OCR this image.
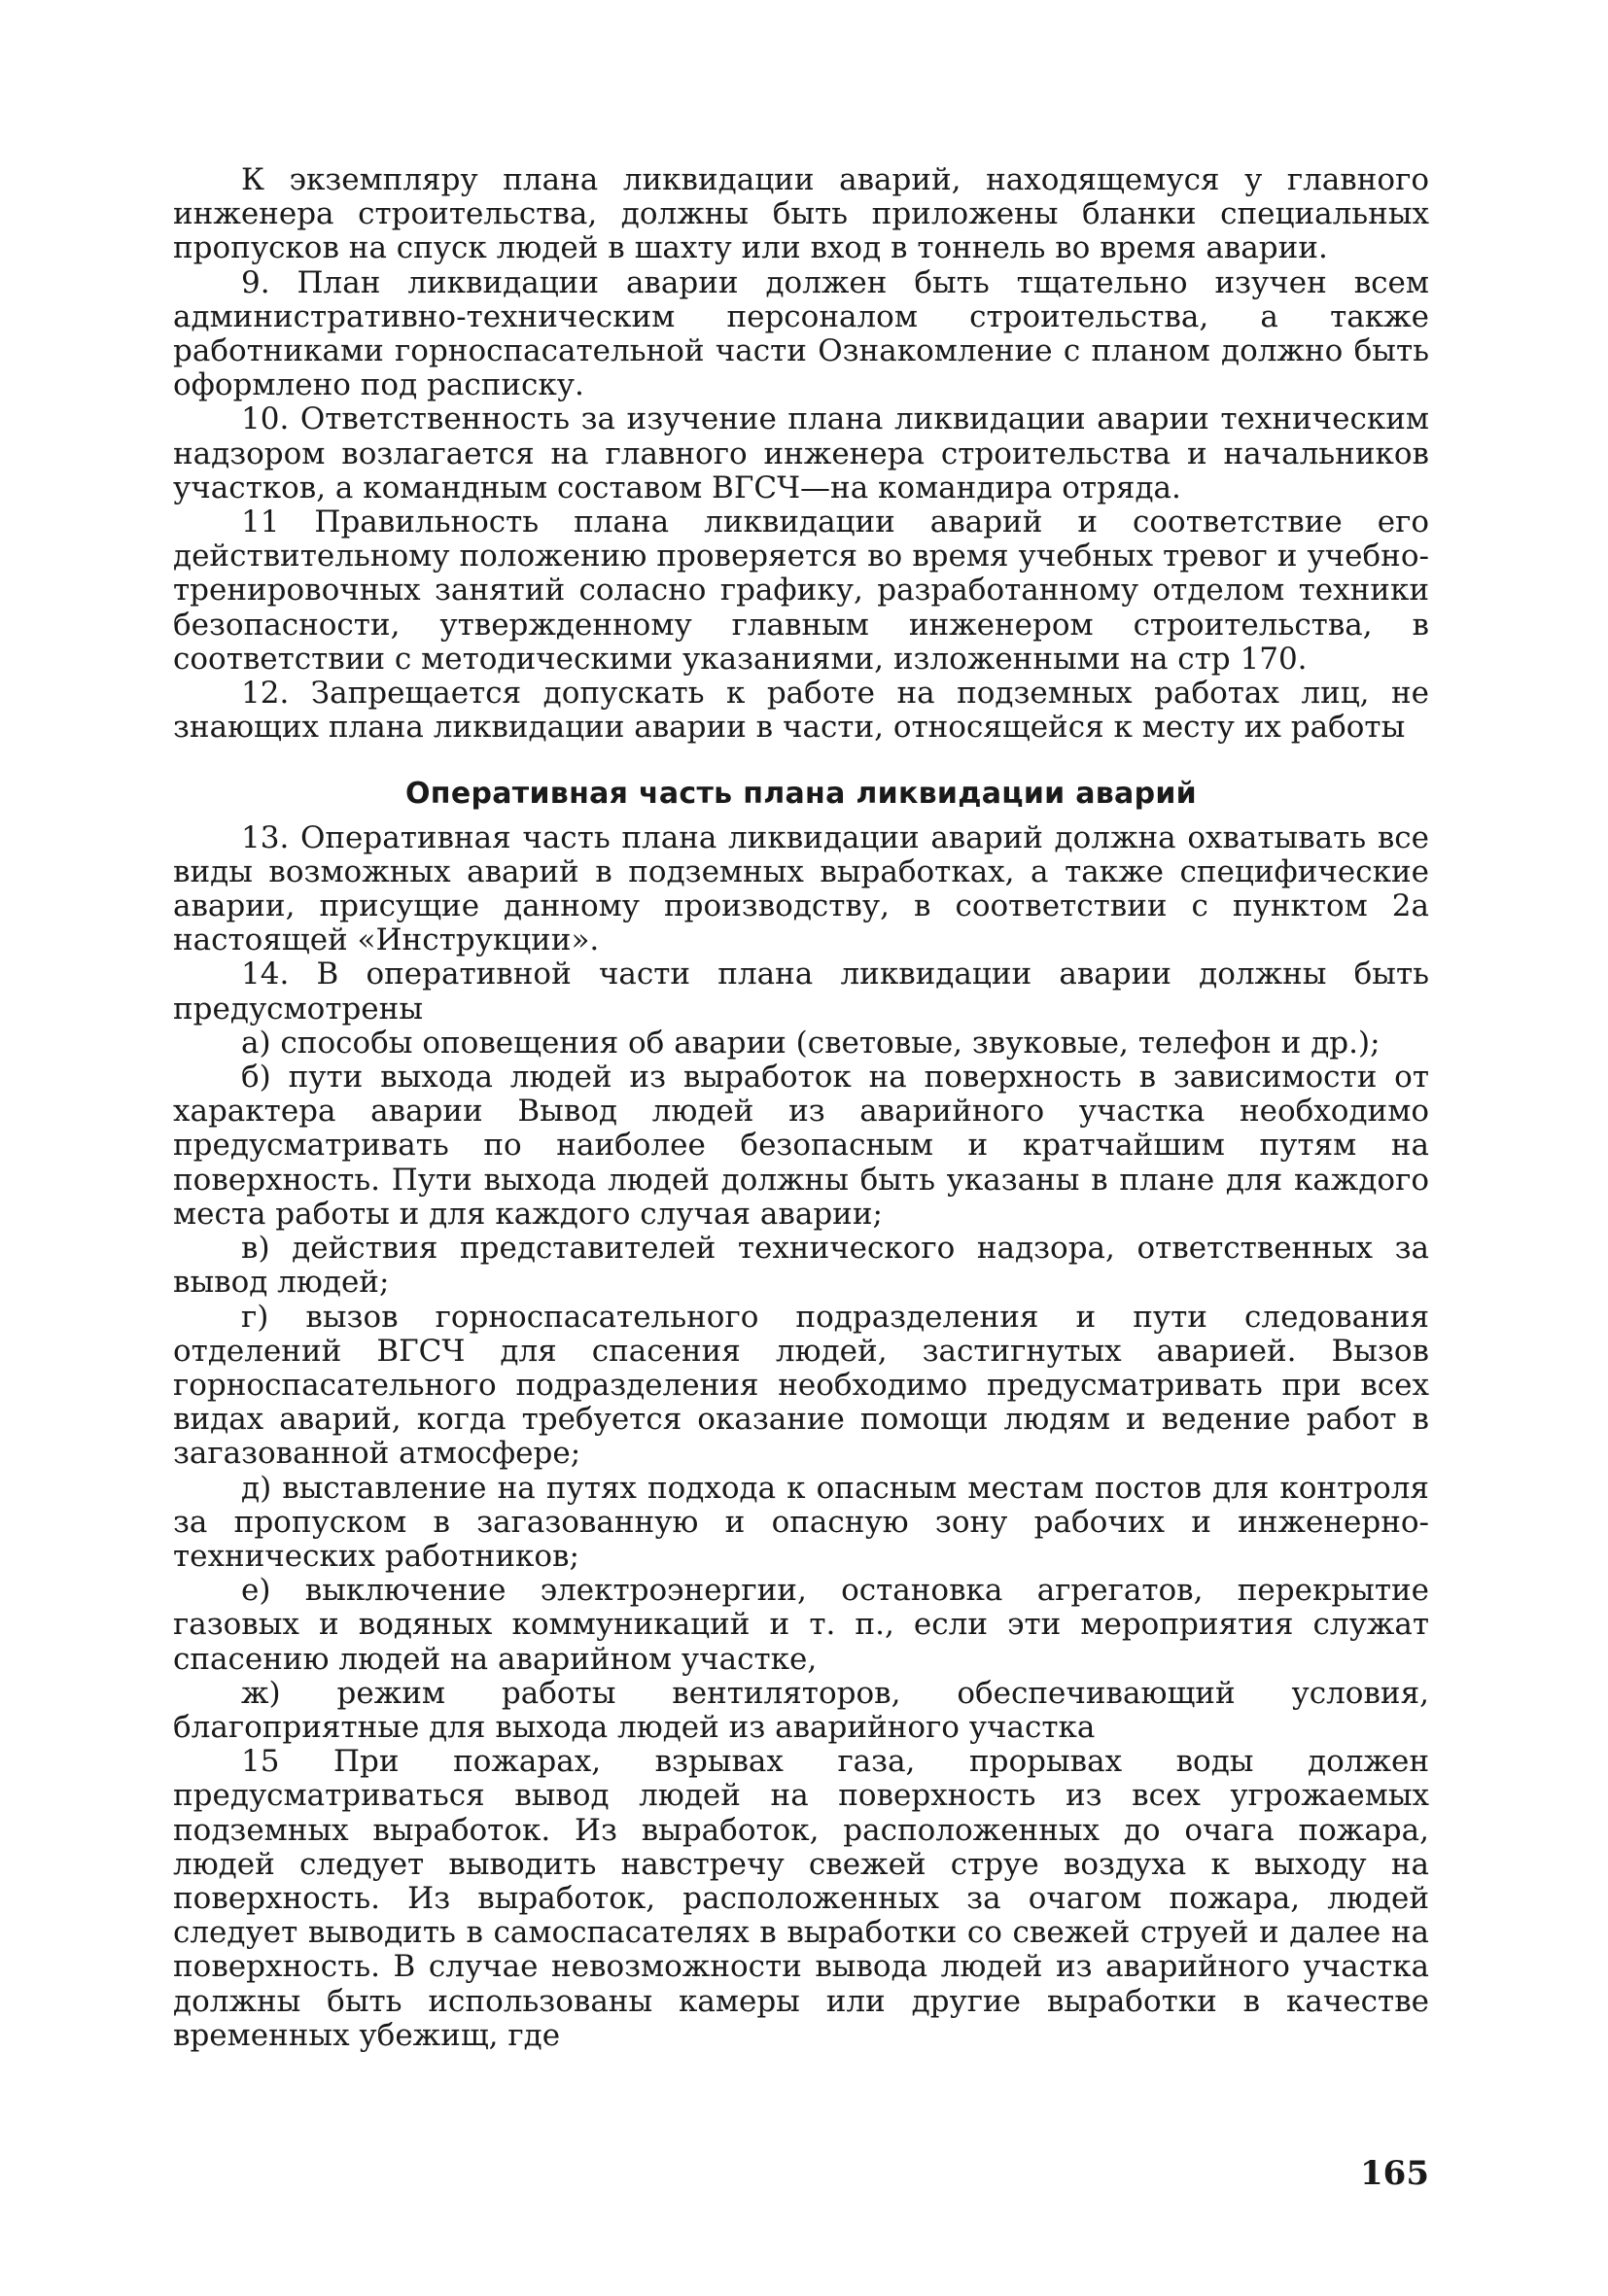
К экземпляру плана ликвидации аварий, находящемуся у главного инженера строительства, должны быть приложены бланки специальных пропусков на спуск людей в шахту или вход в тоннель во время аварии.

9. План ликвидации аварии должен быть тщательно изучен всем административно-техническим персоналом строительства, а также работниками горноспасательной части Ознакомление с планом должно быть оформлено под расписку.

10. Ответственность за изучение плана ликвидации аварии техническим надзором возлагается на главного инженера строительства и начальников участков, а командным составом ВГСЧ—на командира отряда.

11 Правильность плана ликвидации аварий и соответствие его действительному положению проверяется во время учебных тревог и учебно-тренировочных занятий соласно графику, разработанному отделом техники безопасности, утвержденному главным инженером строительства, в соответствии с методическими указаниями, изложенными на стр 170.

12. Запрещается допускать к работе на подземных работах лиц, не знающих плана ликвидации аварии в части, относящейся к месту их работы

Оперативная часть плана ликвидации аварий

13. Оперативная часть плана ликвидации аварий должна охватывать все виды возможных аварий в подземных выработках, а также специфические аварии, присущие данному производству, в соответствии с пунктом 2а настоящей «Инструкции».

14. В оперативной части плана ликвидации аварии должны быть предусмотрены

а) способы оповещения об аварии (световые, звуковые, телефон и др.);

б) пути выхода людей из выработок на поверхность в зависимости от характера аварии Вывод людей из аварийного участка необходимо предусматривать по наиболее безопасным и кратчайшим путям на поверхность. Пути выхода людей должны быть указаны в плане для каждого места работы и для каждого случая аварии;

в) действия представителей технического надзора, ответственных за вывод людей;

г) вызов горноспасательного подразделения и пути следования отделений ВГСЧ для спасения людей, застигнутых аварией. Вызов горноспасательного подразделения необходимо предусматривать при всех видах аварий, когда требуется оказание помощи людям и ведение работ в загазованной атмосфере;

д) выставление на путях подхода к опасным местам постов для контроля за пропуском в загазованную и опасную зону рабочих и инженерно-технических работников;

е) выключение электроэнергии, остановка агрегатов, перекрытие газовых и водяных коммуникаций и т. п., если эти мероприятия служат спасению людей на аварийном участке,

ж) режим работы вентиляторов, обеспечивающий условия, благоприятные для выхода людей из аварийного участка

15 При пожарах, взрывах газа, прорывах воды должен предусматриваться вывод людей на поверхность из всех угрожаемых подземных выработок. Из выработок, расположенных до очага пожара, людей следует выводить навстречу свежей струе воздуха к выходу на поверхность. Из выработок, расположенных за очагом пожара, людей следует выводить в самоспасателях в выработки со свежей струей и далее на поверхность. В случае невозможности вывода людей из аварийного участка должны быть использованы камеры или другие выработки в качестве временных убежищ, где

165
